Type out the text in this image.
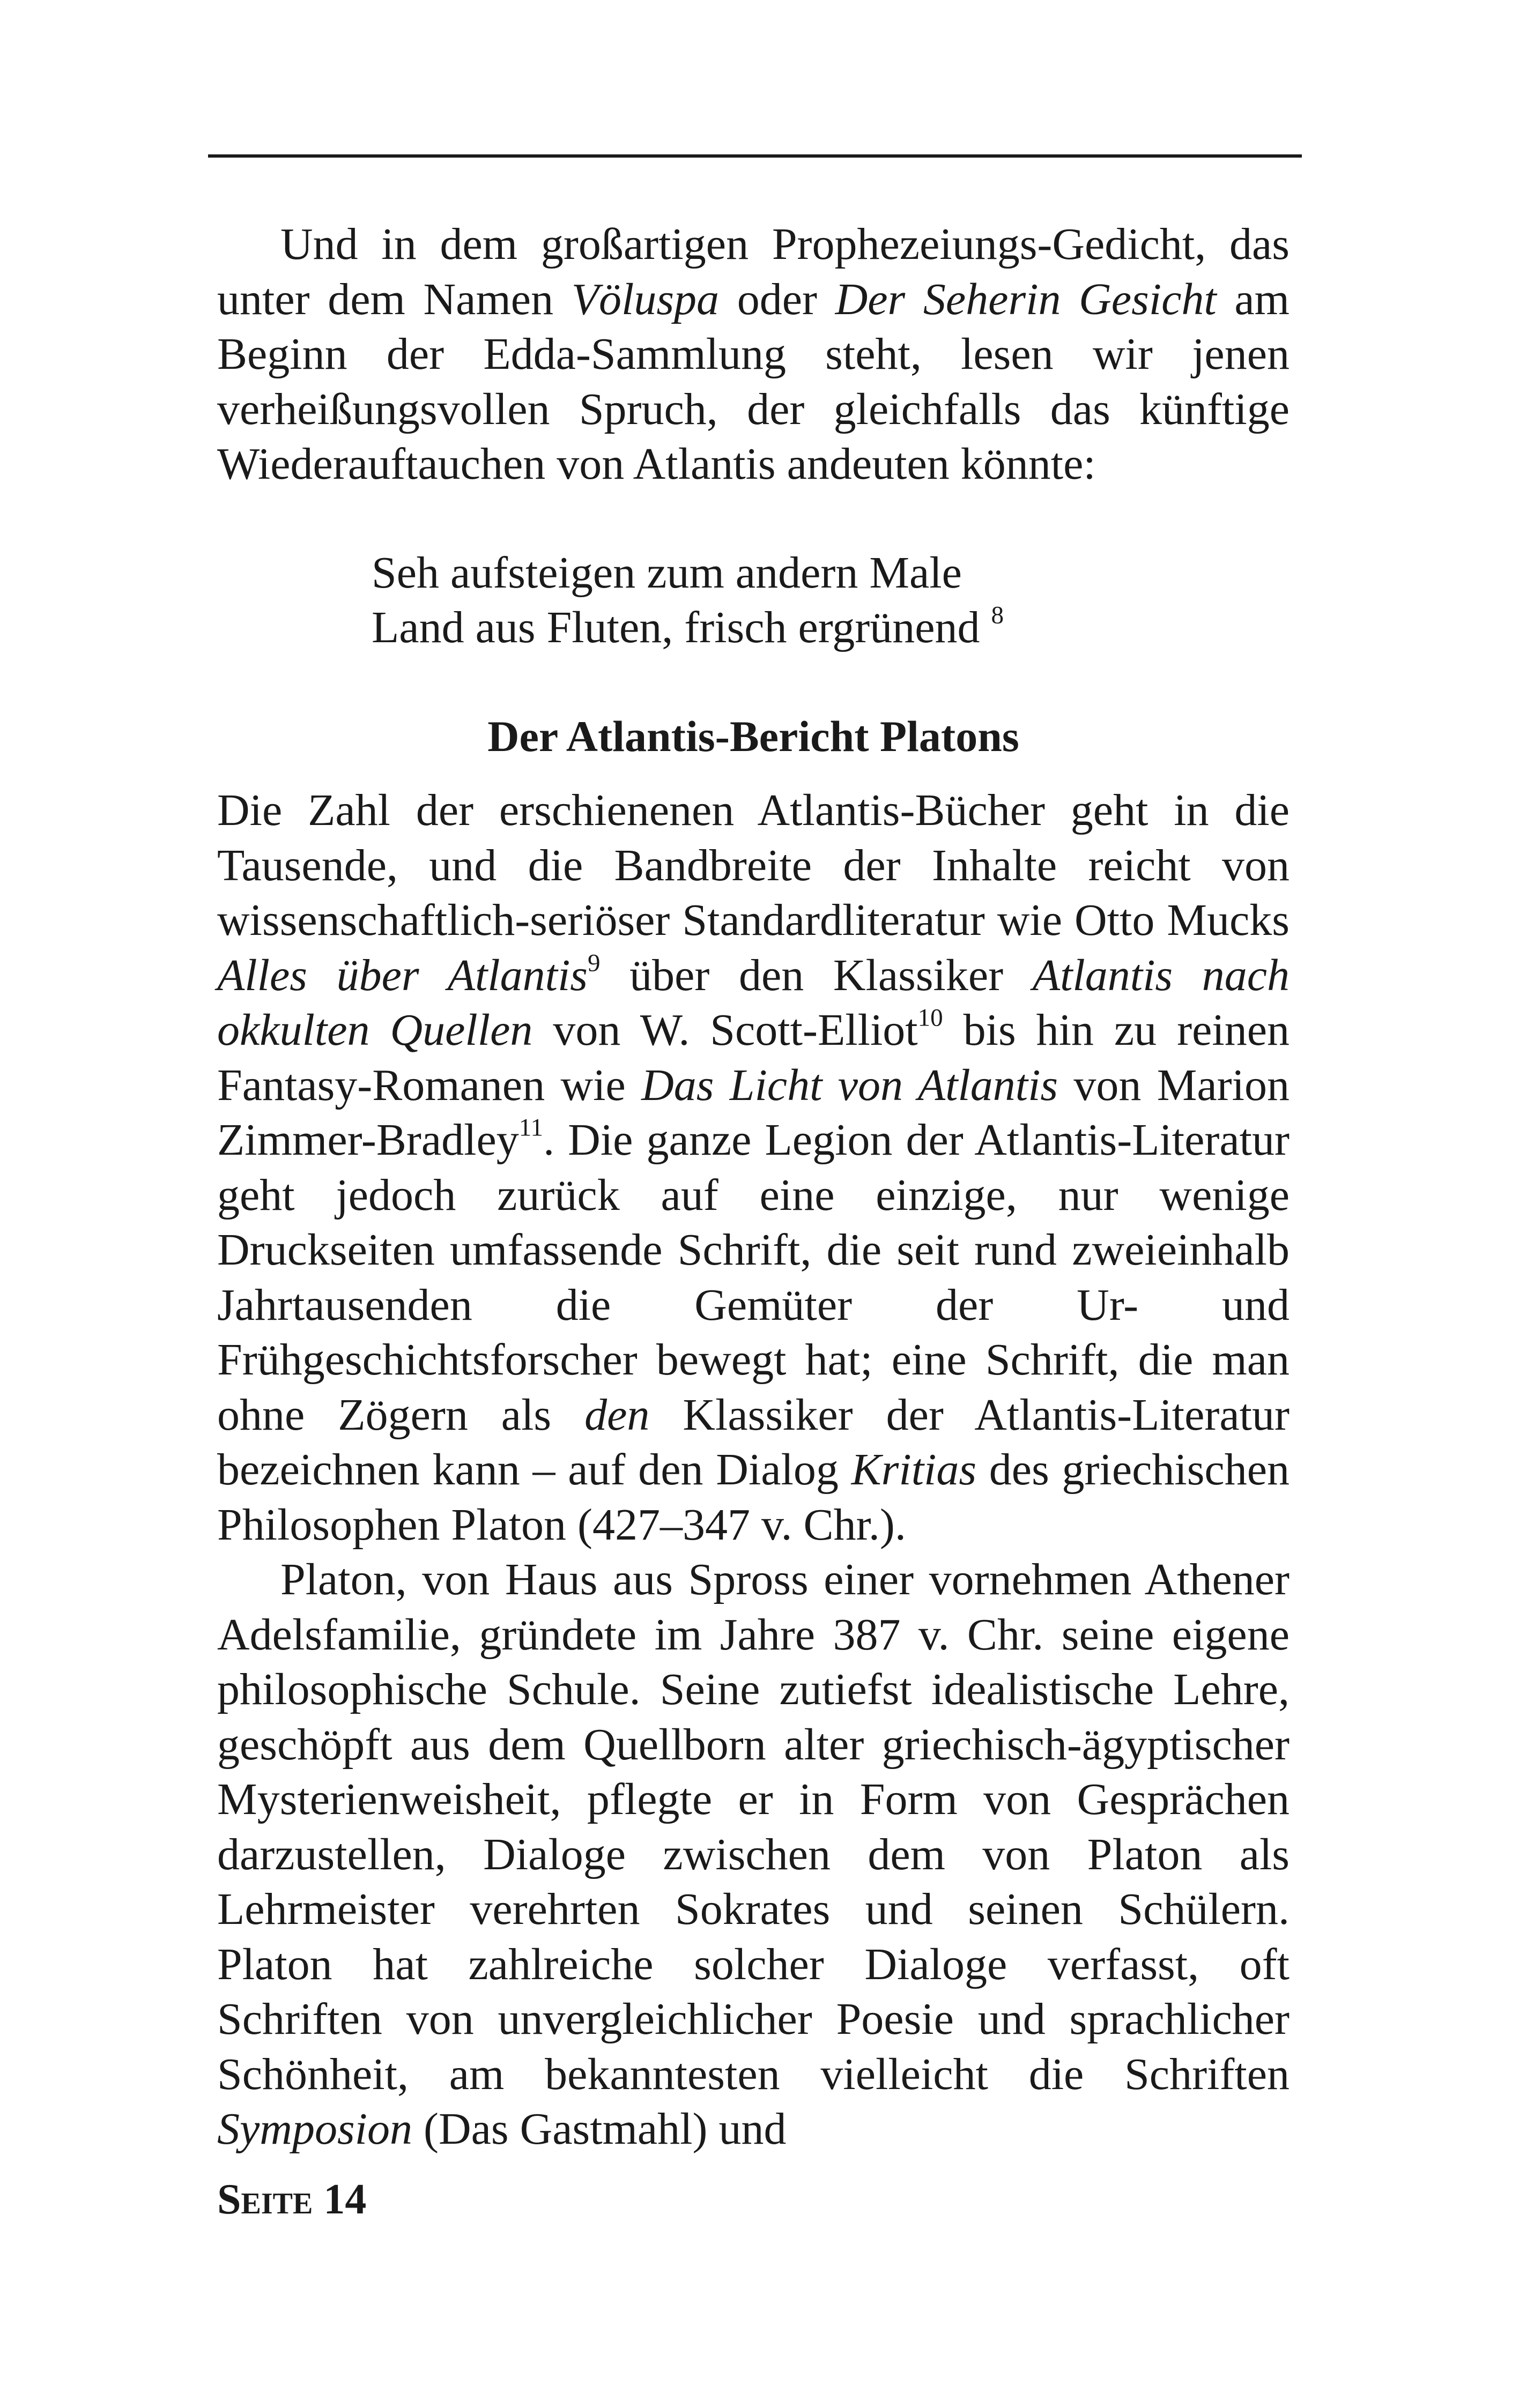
Und in dem großartigen Prophezeiungs-Gedicht, das unter dem Namen Völuspa oder Der Seherin Gesicht am Beginn der Edda-Sammlung steht, lesen wir jenen verheißungsvollen Spruch, der gleichfalls das künftige Wiederauftauchen von Atlantis andeuten könnte:

Seh aufsteigen zum andern Male
Land aus Fluten, frisch ergrünend $^8$

Der Atlantis-Bericht Platons

Die Zahl der erschienenen Atlantis-Bücher geht in die Tausende, und die Bandbreite der Inhalte reicht von wissenschaftlich-seriöser Standardliteratur wie Otto Mucks Alles über Atlantis$^9$ über den Klassiker Atlantis nach okkulten Quellen von W. Scott-Elliot$^{10}$ bis hin zu reinen Fantasy-Romanen wie Das Licht von Atlantis von Marion Zimmer-Bradley$^{11}$. Die ganze Legion der Atlantis-Literatur geht jedoch zurück auf eine einzige, nur wenige Druckseiten umfassende Schrift, die seit rund zweieinhalb Jahrtausenden die Gemüter der Ur- und Frühgeschichtsforscher bewegt hat; eine Schrift, die man ohne Zögern als den Klassiker der Atlantis-Literatur bezeichnen kann – auf den Dialog Kritias des griechischen Philosophen Platon (427–347 v. Chr.).

Platon, von Haus aus Spross einer vornehmen Athener Adelsfamilie, gründete im Jahre 387 v. Chr. seine eigene philosophische Schule. Seine zutiefst idealistische Lehre, geschöpft aus dem Quellborn alter griechisch-ägyptischer Mysterienweisheit, pflegte er in Form von Gesprächen darzustellen, Dialoge zwischen dem von Platon als Lehrmeister verehrten Sokrates und seinen Schülern. Platon hat zahlreiche solcher Dialoge verfasst, oft Schriften von unvergleichlicher Poesie und sprachlicher Schönheit, am bekanntesten vielleicht die Schriften Symposion (Das Gastmahl) und

Seite 14
